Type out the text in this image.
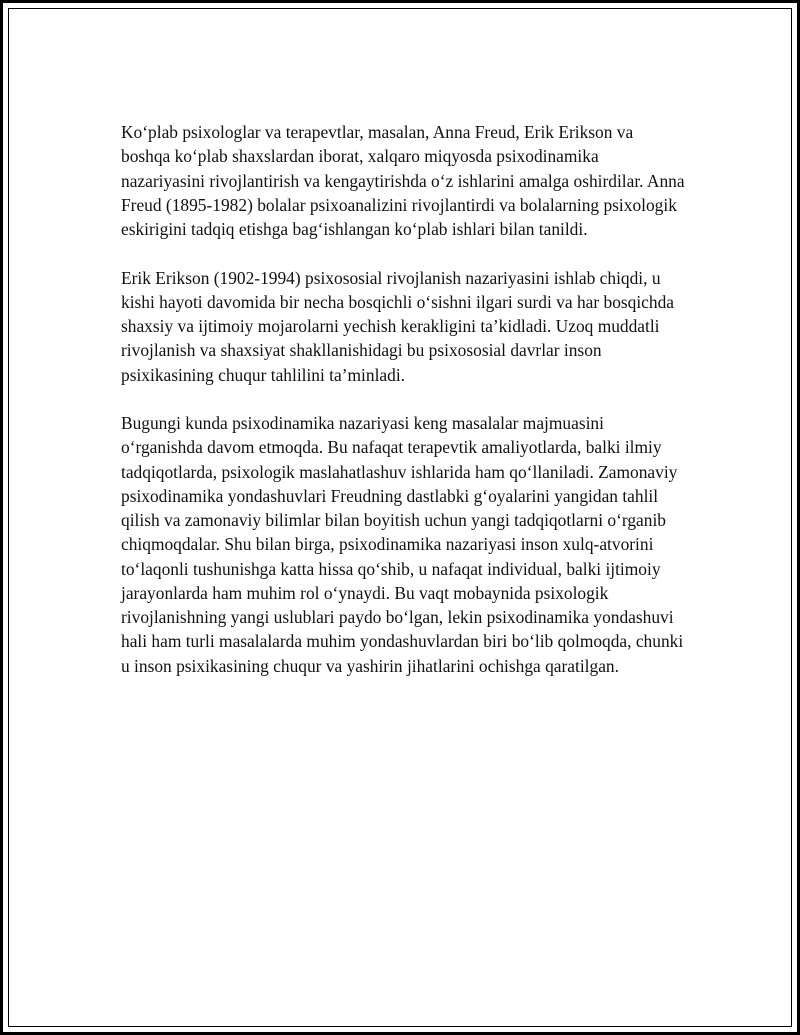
Ko‘plab psixologlar va terapevtlar, masalan, Anna Freud, Erik Erikson va boshqa ko‘plab shaxslardan iborat, xalqaro miqyosda psixodinamika nazariyasini rivojlantirish va kengaytirishda o‘z ishlarini amalga oshirdilar. Anna Freud (1895-1982) bolalar psixoanalizini rivojlantirdi va bolalarning psixologik eskirigini tadqiq etishga bag‘ishlangan ko‘plab ishlari bilan tanildi.

Erik Erikson (1902-1994) psixososial rivojlanish nazariyasini ishlab chiqdi, u kishi hayoti davomida bir necha bosqichli o‘sishni ilgari surdi va har bosqichda shaxsiy va ijtimoiy mojarolarni yechish kerakligini ta’kidladi. Uzoq muddatli rivojlanish va shaxsiyat shakllanishidagi bu psixososial davrlar inson psixikasining chuqur tahlilini ta’minladi.

Bugungi kunda psixodinamika nazariyasi keng masalalar majmuasini o‘rganishda davom etmoqda. Bu nafaqat terapevtik amaliyotlarda, balki ilmiy tadqiqotlarda, psixologik maslahatlashuv ishlarida ham qo‘llaniladi. Zamonaviy psixodinamika yondashuvlari Freudning dastlabki g‘oyalarini yangidan tahlil qilish va zamonaviy bilimlar bilan boyitish uchun yangi tadqiqotlarni o‘rganib chiqmoqdalar. Shu bilan birga, psixodinamika nazariyasi inson xulq-atvorini to‘laqonli tushunishga katta hissa qo‘shib, u nafaqat individual, balki ijtimoiy jarayonlarda ham muhim rol o‘ynaydi. Bu vaqt mobaynida psixologik rivojlanishning yangi uslublari paydo bo‘lgan, lekin psixodinamika yondashuvi hali ham turli masalalarda muhim yondashuvlardan biri bo‘lib qolmoqda, chunki u inson psixikasining chuqur va yashirin jihatlarini ochishga qaratilgan.
